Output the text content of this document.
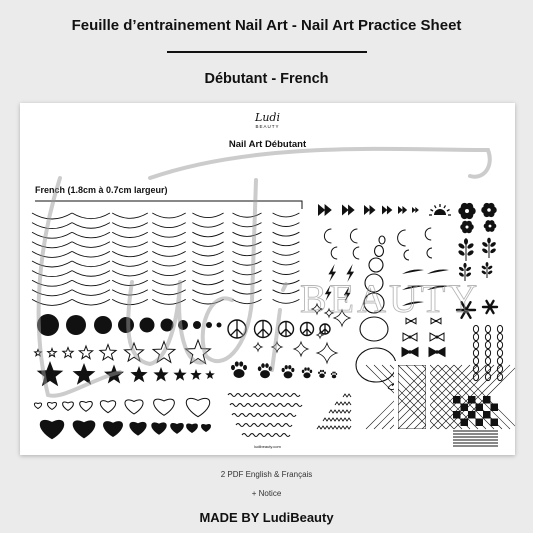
Feuille d’entrainement Nail Art - Nail Art Practice Sheet
Débutant - French
Ludi
BEAUTY
Nail Art Débutant
French (1.8cm à 0.7cm largeur)
ludibeauty.com
BEAUTY
2 PDF English & Français
+ Notice
MADE BY LudiBeauty
